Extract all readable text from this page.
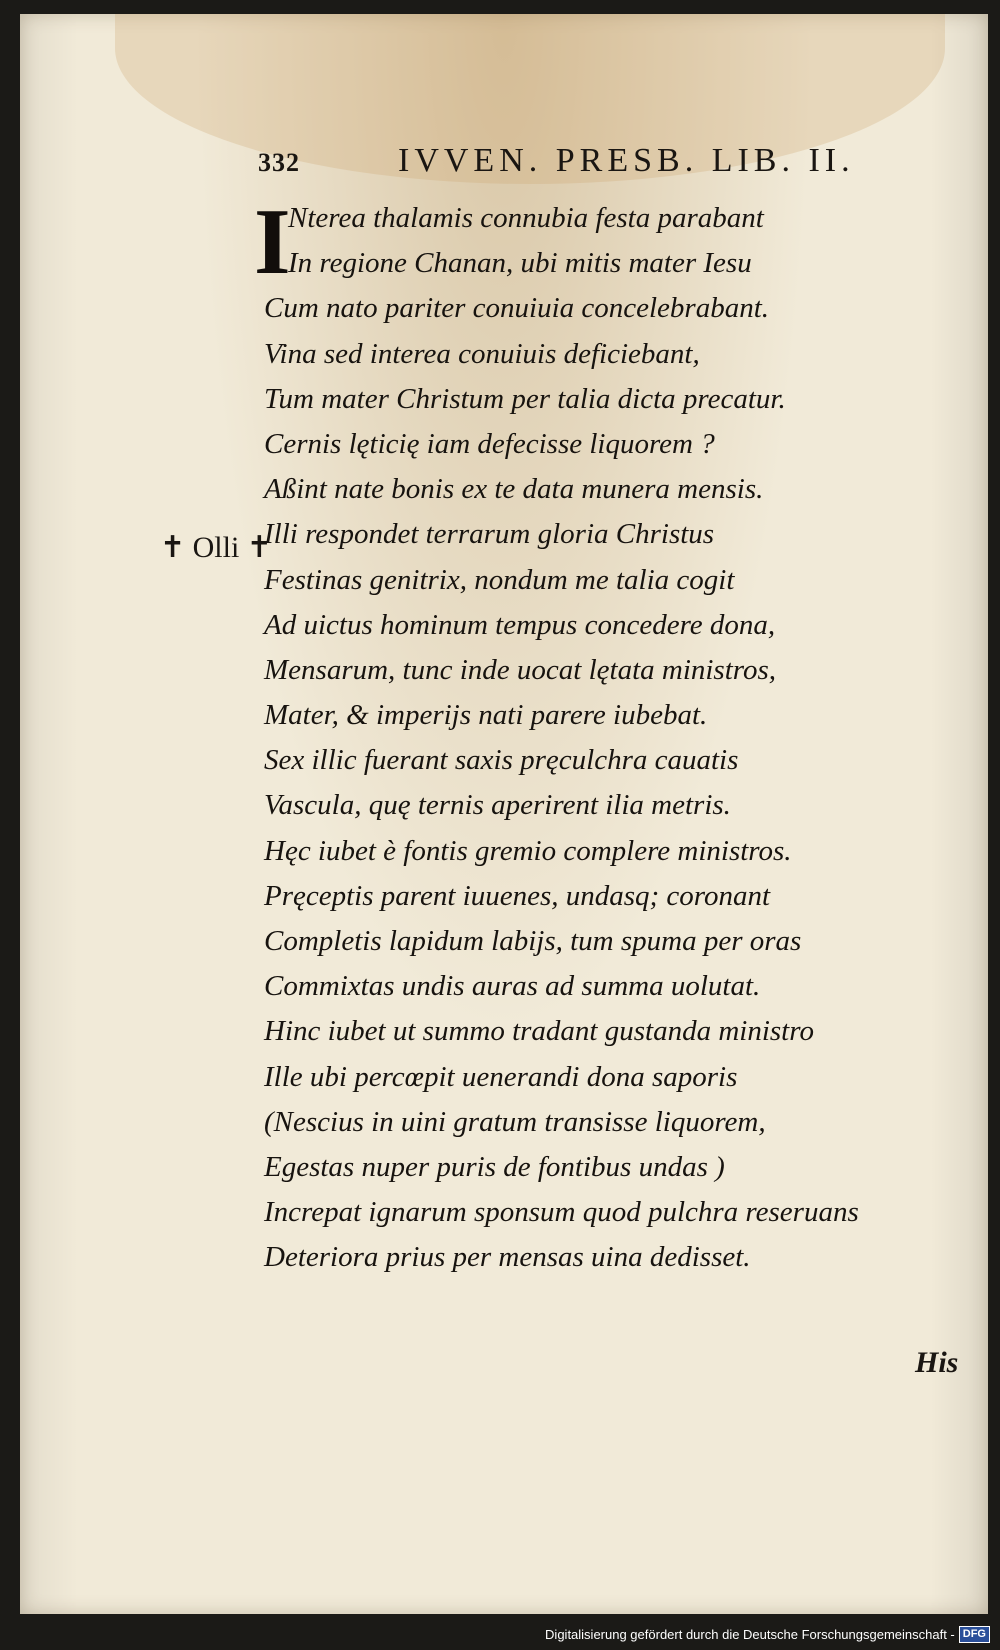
332	IVVEN. PRESB. LIB. II.
✝ Olli ✝
I
Nterea thalamis connubia festa parabant
In regione Chanan, ubi mitis mater Iesu
Cum nato pariter conuiuia concelebrabant.
Vina sed interea conuiuis deficiebant,
Tum mater Christum per talia dicta precatur.
Cernis lęticię iam defecisse liquorem ?
Aßint nate bonis ex te data munera mensis.
Illi respondet terrarum gloria Christus
Festinas genitrix, nondum me talia cogit
Ad uictus hominum tempus concedere dona,
Mensarum, tunc inde uocat lętata ministros,
Mater, & imperijs nati parere iubebat.
Sex illic fuerant saxis pręculchra cauatis
Vascula, quę ternis aperirent ilia metris.
Hęc iubet è fontis gremio complere ministros.
Pręceptis parent iuuenes, undasq; coronant
Completis lapidum labijs, tum spuma per oras
Commixtas undis auras ad summa uolutat.
Hinc iubet ut summo tradant gustanda ministro
Ille ubi percœpit uenerandi dona saporis
(Nescius in uini gratum transisse liquorem,
Egestas nuper puris de fontibus undas )
Increpat ignarum sponsum quod pulchra reseruans
Deteriora prius per mensas uina dedisset.
His
Digitalisierung gefördert durch die Deutsche Forschungsgemeinschaft - DFG
